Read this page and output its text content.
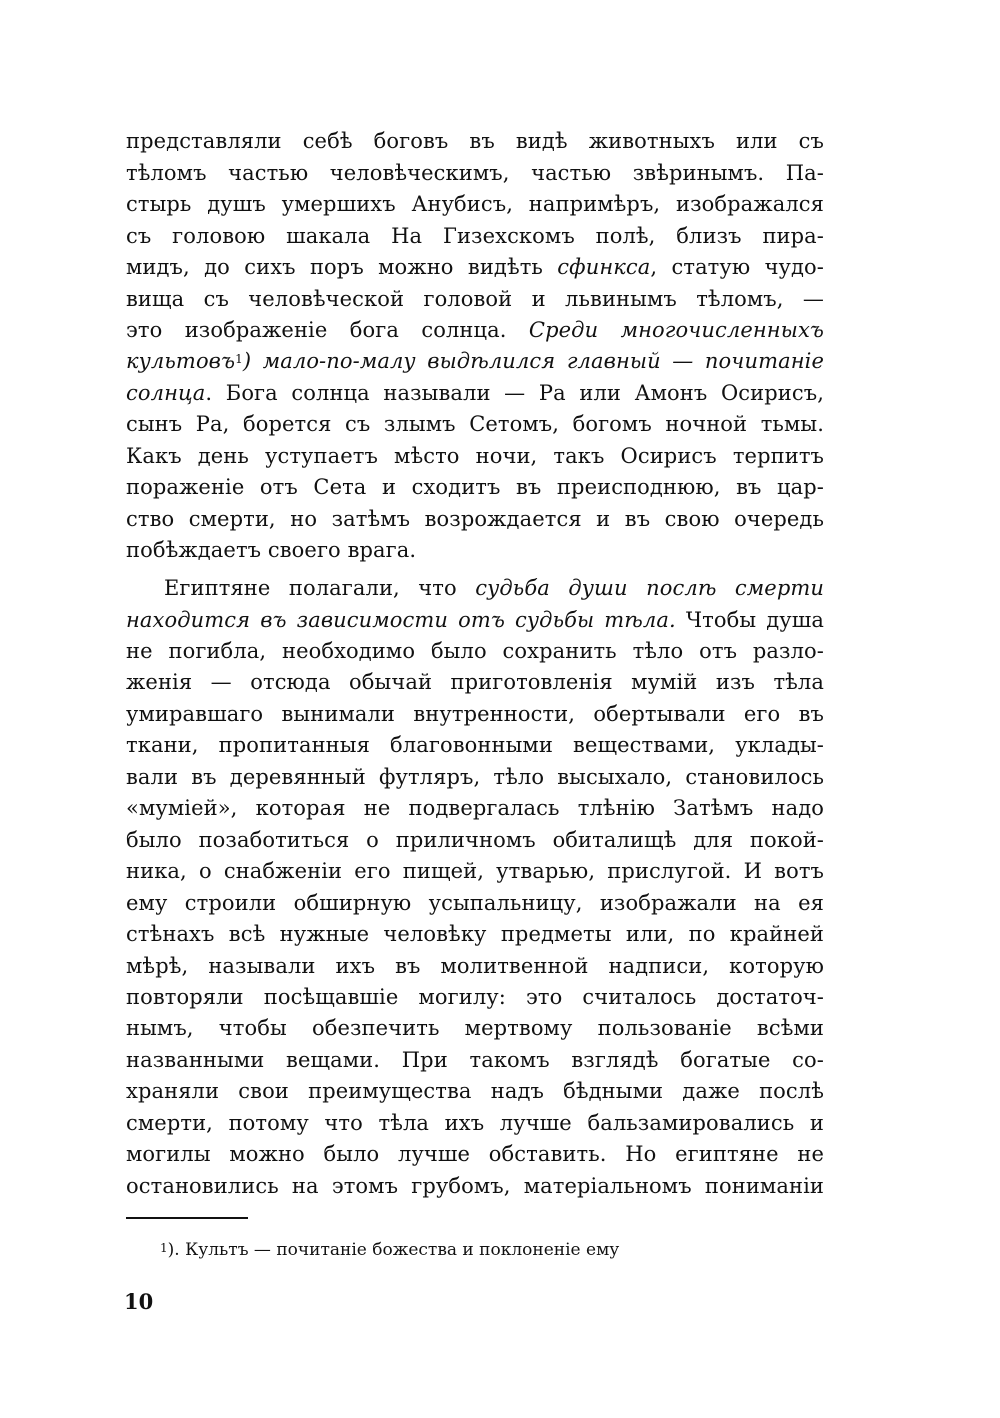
представляли себѣ боговъ въ видѣ животныхъ или съ
тѣломъ частью человѣческимъ, частью звѣринымъ. Па-
стырь душъ умершихъ Анубисъ, напримѣръ, изображался
съ головою шакала На Гизехскомъ полѣ, близъ пира-
мидъ, до сихъ поръ можно видѣть сфинкса, статую чудо-
вища съ человѣческой головой и львинымъ тѣломъ, —
это изображенiе бога солнца. Среди многочисленныхъ
культовъ$^1$) мало-по-малу выдѣлился главный — почитанiе
солнца. Бога солнца называли — Ра или Амонъ Осирисъ,
сынъ Ра, борется съ злымъ Сетомъ, богомъ ночной тьмы.
Какъ день уступаетъ мѣсто ночи, такъ Осирисъ терпитъ
пораженiе отъ Сета и сходитъ въ преисподнюю, въ цар-
ство смерти, но затѣмъ возрождается и въ свою очередь
побѣждаетъ своего врага.
Египтяне полагали, что судьба души послѣ смерти
находится въ зависимости отъ судьбы тѣла. Чтобы душа
не погибла, необходимо было сохранить тѣло отъ разло-
женiя — отсюда обычай приготовленiя мумiй изъ тѣла
умиравшаго вынимали внутренности, обертывали его въ
ткани, пропитанныя благовонными веществами, уклады-
вали въ деревянный футляръ, тѣло высыхало, становилось
«мумiей», которая не подвергалась тлѣнiю Затѣмъ надо
было позаботиться о приличномъ обиталищѣ для покой-
ника, о снабженiи его пищей, утварью, прислугой. И вотъ
ему строили обширную усыпальницу, изображали на ея
стѣнахъ всѣ нужные человѣку предметы или, по крайней
мѣрѣ, называли ихъ въ молитвенной надписи, которую
повторяли посѣщавшiе могилу: это считалось достаточ-
нымъ, чтобы обезпечить мертвому пользованiе всѣми
названными вещами. При такомъ взглядѣ богатые со-
храняли свои преимущества надъ бѣдными даже послѣ
смерти, потому что тѣла ихъ лучше бальзамировались и
могилы можно было лучше обставить. Но египтяне не
остановились на этомъ грубомъ, матерiальномъ пониманiи
$^1$). Культъ — почитанiе божества и поклоненiе ему
10
